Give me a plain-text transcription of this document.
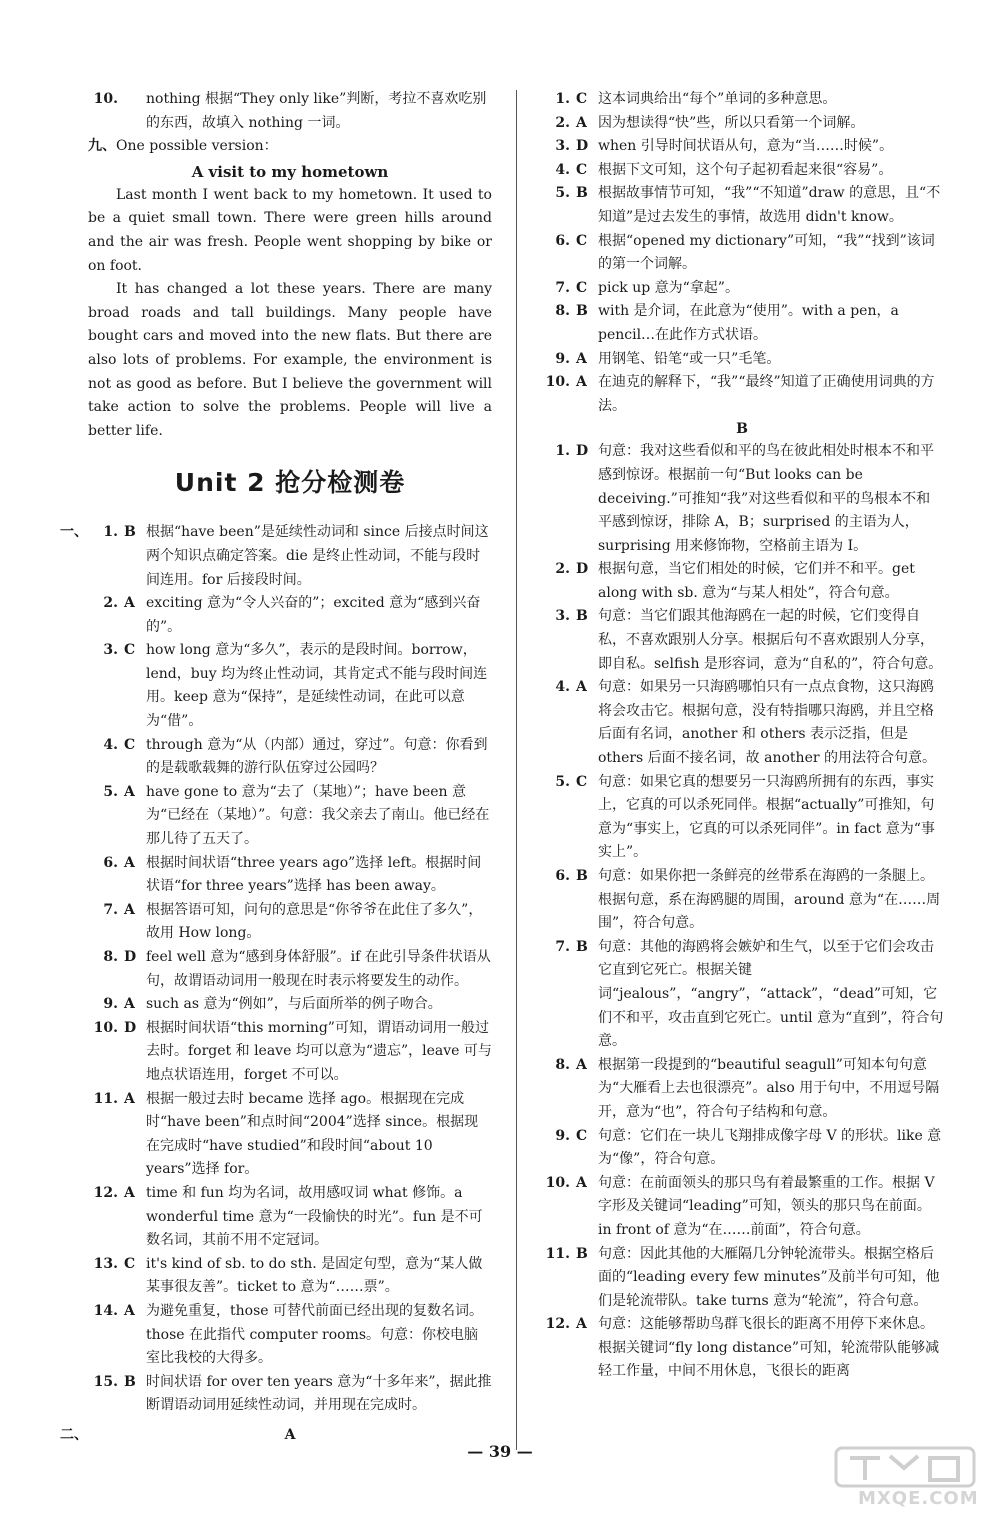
10. nothing 根据“They only like”判断，考拉不喜欢吃别的东西，故填入 nothing 一词。
九、One possible version：
A visit to my hometown
Last month I went back to my hometown. It used to be a quiet small town. There were green hills around and the air was fresh. People went shopping by bike or on foot.
It has changed a lot these years. There are many broad roads and tall buildings. Many people have bought cars and moved into the new flats. But there are also lots of problems. For example, the environment is not as good as before. But I believe the government will take action to solve the problems. People will live a better life.
Unit 2 抢分检测卷
一、	1. B 根据“have been”是延续性动词和 since 后接点时间这两个知识点确定答案。die 是终止性动词，不能与段时间连用。for 后接段时间。
2. A exciting 意为“令人兴奋的”；excited 意为“感到兴奋的”。
3. C how long 意为“多久”，表示的是段时间。borrow，lend，buy 均为终止性动词，其肯定式不能与段时间连用。keep 意为“保持”，是延续性动词，在此可以意为“借”。
4. C through 意为“从（内部）通过，穿过”。句意：你看到的是载歌载舞的游行队伍穿过公园吗？
5. A have gone to 意为“去了（某地）”；have been 意为“已经在（某地）”。句意：我父亲去了南山。他已经在那儿待了五天了。
6. A 根据时间状语“three years ago”选择 left。根据时间状语“for three years”选择 has been away。
7. A 根据答语可知，问句的意思是“你爷爷在此住了多久”，故用 How long。
8. D feel well 意为“感到身体舒服”。if 在此引导条件状语从句，故谓语动词用一般现在时表示将要发生的动作。
9. A such as 意为“例如”，与后面所举的例子吻合。
10. D 根据时间状语“this morning”可知，谓语动词用一般过去时。forget 和 leave 均可以意为“遗忘”，leave 可与地点状语连用，forget 不可以。
11. A 根据一般过去时 became 选择 ago。根据现在完成时“have been”和点时间“2004”选择 since。根据现在完成时“have studied”和段时间“about 10 years”选择 for。
12. A time 和 fun 均为名词，故用感叹词 what 修饰。a wonderful time 意为“一段愉快的时光”。fun 是不可数名词，其前不用不定冠词。
13. C it's kind of sb. to do sth. 是固定句型，意为“某人做某事很友善”。ticket to 意为“……票”。
14. A 为避免重复，those 可替代前面已经出现的复数名词。those 在此指代 computer rooms。句意：你校电脑室比我校的大得多。
15. B 时间状语 for over ten years 意为“十多年来”，据此推断谓语动词用延续性动词，并用现在完成时。
二、	A
1. C 这本词典给出“每个”单词的多种意思。
2. A 因为想读得“快”些，所以只看第一个词解。
3. D when 引导时间状语从句，意为“当……时候”。
4. C 根据下文可知，这个句子起初看起来很“容易”。
5. B 根据故事情节可知，“我”“不知道”draw 的意思，且“不知道”是过去发生的事情，故选用 didn't know。
6. C 根据“opened my dictionary”可知，“我”“找到”该词的第一个词解。
7. C pick up 意为“拿起”。
8. B with 是介词，在此意为“使用”。with a pen，a pencil…在此作方式状语。
9. A 用钢笔、铅笔“或一只”毛笔。
10. A 在迪克的解释下，“我”“最终”知道了正确使用词典的方法。
B
1. D 句意：我对这些看似和平的鸟在彼此相处时根本不和平感到惊讶。根据前一句“But looks can be deceiving.”可推知“我”对这些看似和平的鸟根本不和平感到惊讶，排除 A，B；surprised 的主语为人，surprising 用来修饰物，空格前主语为 I。
2. D 根据句意，当它们相处的时候，它们并不和平。get along with sb. 意为“与某人相处”，符合句意。
3. B 句意：当它们跟其他海鸥在一起的时候，它们变得自私，不喜欢跟别人分享。根据后句不喜欢跟别人分享，即自私。selfish 是形容词，意为“自私的”，符合句意。
4. A 句意：如果另一只海鸥哪怕只有一点点食物，这只海鸥将会攻击它。根据句意，没有特指哪只海鸥，并且空格后面有名词，another 和 others 表示泛指，但是 others 后面不接名词，故 another 的用法符合句意。
5. C 句意：如果它真的想要另一只海鸥所拥有的东西，事实上，它真的可以杀死同伴。根据“actually”可推知，句意为“事实上，它真的可以杀死同伴”。in fact 意为“事实上”。
6. B 句意：如果你把一条鲜亮的丝带系在海鸥的一条腿上。根据句意，系在海鸥腿的周围，around 意为“在……周围”，符合句意。
7. B 句意：其他的海鸥将会嫉妒和生气，以至于它们会攻击它直到它死亡。根据关键词“jealous”，“angry”，“attack”，“dead”可知，它们不和平，攻击直到它死亡。until 意为“直到”，符合句意。
8. A 根据第一段提到的“beautiful seagull”可知本句句意为“大雁看上去也很漂亮”。also 用于句中，不用逗号隔开，意为“也”，符合句子结构和句意。
9. C 句意：它们在一块儿飞翔排成像字母 V 的形状。like 意为“像”，符合句意。
10. A 句意：在前面领头的那只鸟有着最繁重的工作。根据 V 字形及关键词“leading”可知，领头的那只鸟在前面。in front of 意为“在……前面”，符合句意。
11. B 句意：因此其他的大雁隔几分钟轮流带头。根据空格后面的“leading every few minutes”及前半句可知，他们是轮流带队。take turns 意为“轮流”，符合句意。
12. A 句意：这能够帮助鸟群飞很长的距离不用停下来休息。根据关键词“fly long distance”可知，轮流带队能够减轻工作量，中间不用休息，飞很长的距离
— 39 —
MXQE.COM
